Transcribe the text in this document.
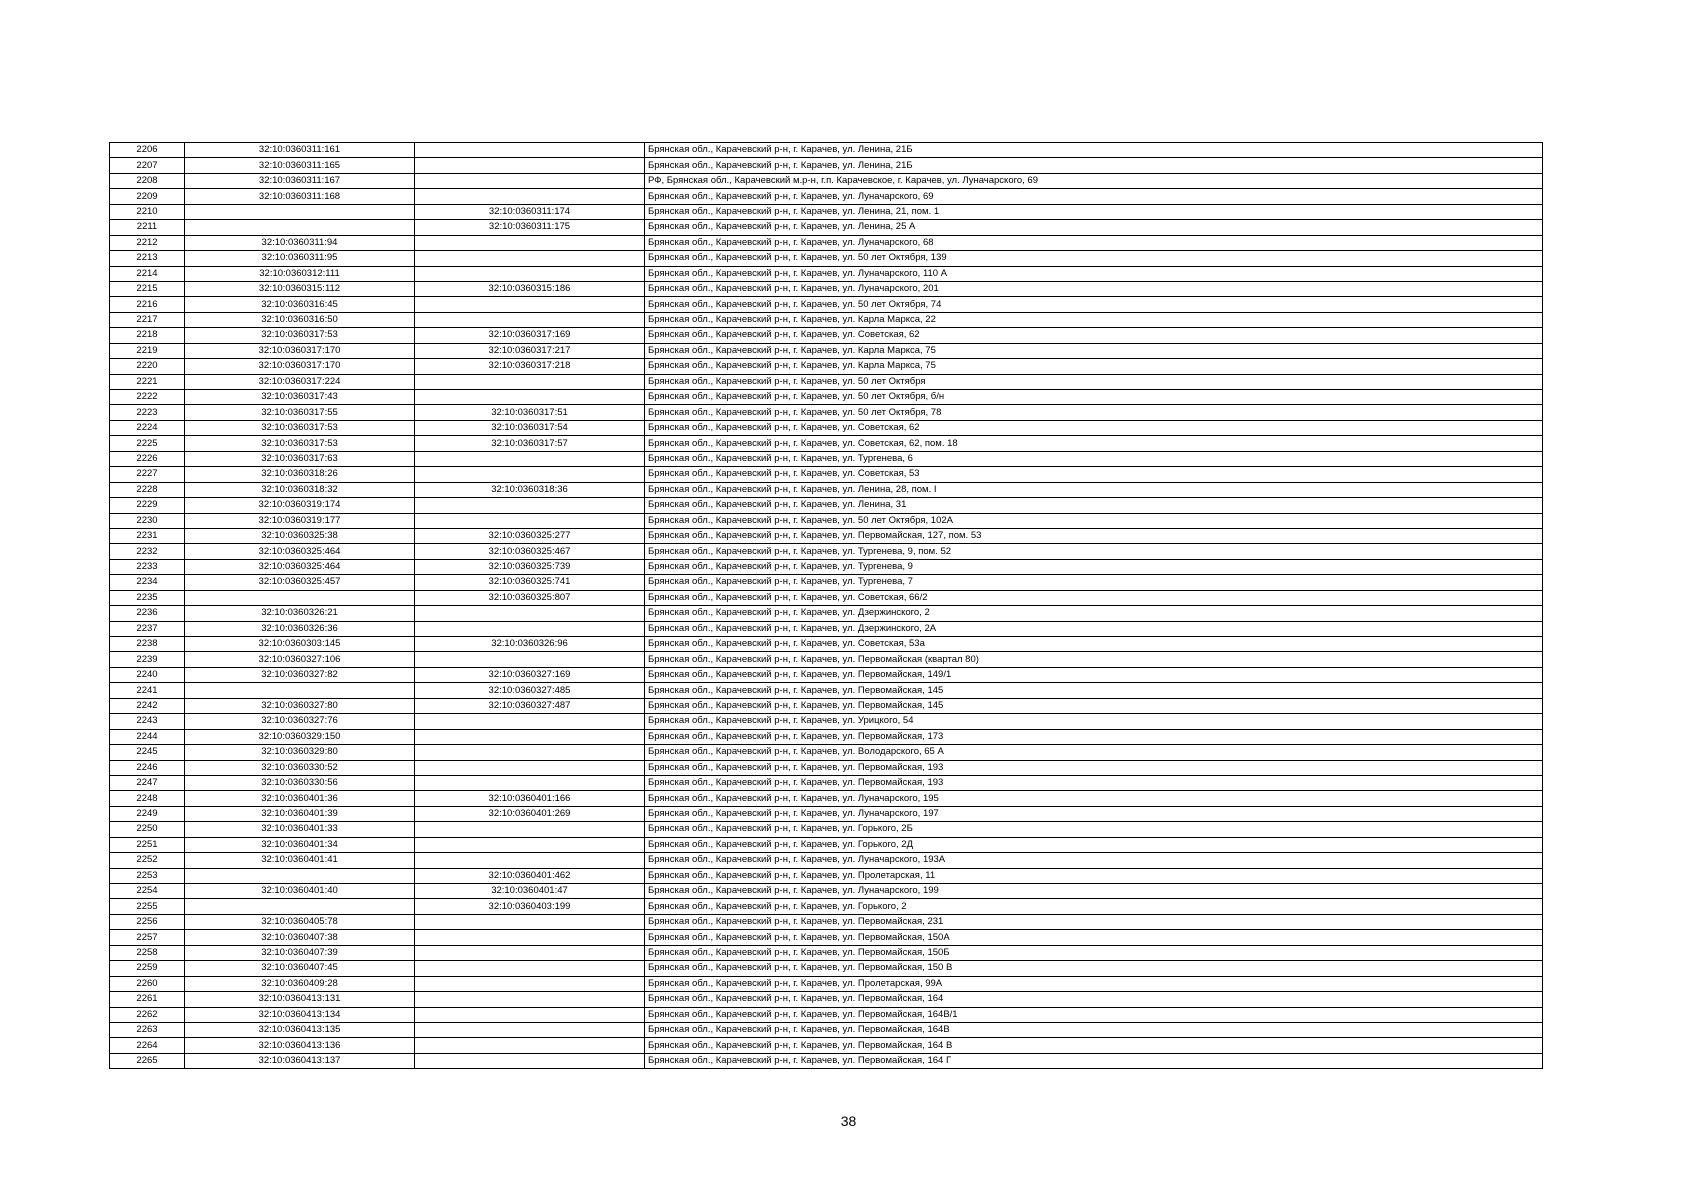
2206	32:10:0360311:161		Брянская обл., Карачевский р-н, г. Карачев, ул. Ленина, 21Б
2207	32:10:0360311:165		Брянская обл., Карачевский р-н, г. Карачев, ул. Ленина, 21Б
2208	32:10:0360311:167		РФ, Брянская обл., Карачевский м.р-н, г.п. Карачевское, г. Карачев, ул. Луначарского, 69
2209	32:10:0360311:168		Брянская обл., Карачевский р-н, г. Карачев, ул. Луначарского, 69
2210		32:10:0360311:174	Брянская обл., Карачевский р-н, г. Карачев, ул. Ленина, 21, пом. 1
2211		32:10:0360311:175	Брянская обл., Карачевский р-н, г. Карачев, ул. Ленина, 25 А
2212	32:10:0360311:94		Брянская обл., Карачевский р-н, г. Карачев, ул. Луначарского, 68
2213	32:10:0360311:95		Брянская обл., Карачевский р-н, г. Карачев, ул. 50 лет Октября, 139
2214	32:10:0360312:111		Брянская обл., Карачевский р-н, г. Карачев, ул. Луначарского, 110 А
2215	32:10:0360315:112	32:10:0360315:186	Брянская обл., Карачевский р-н, г. Карачев, ул. Луначарского, 201
2216	32:10:0360316:45		Брянская обл., Карачевский р-н, г. Карачев, ул. 50 лет Октября, 74
2217	32:10:0360316:50		Брянская обл., Карачевский р-н, г. Карачев, ул. Карла Маркса, 22
2218	32:10:0360317:53	32:10:0360317:169	Брянская обл., Карачевский р-н, г. Карачев, ул. Советская, 62
2219	32:10:0360317:170	32:10:0360317:217	Брянская обл., Карачевский р-н, г. Карачев, ул. Карла Маркса, 75
2220	32:10:0360317:170	32:10:0360317:218	Брянская обл., Карачевский р-н, г. Карачев, ул. Карла Маркса, 75
2221	32:10:0360317:224		Брянская обл., Карачевский р-н, г. Карачев, ул. 50 лет Октября
2222	32:10:0360317:43		Брянская обл., Карачевский р-н, г. Карачев, ул. 50 лет Октября, б/н
2223	32:10:0360317:55	32:10:0360317:51	Брянская обл., Карачевский р-н, г. Карачев, ул. 50 лет Октября, 78
2224	32:10:0360317:53	32:10:0360317:54	Брянская обл., Карачевский р-н, г. Карачев, ул. Советская, 62
2225	32:10:0360317:53	32:10:0360317:57	Брянская обл., Карачевский р-н, г. Карачев, ул. Советская, 62, пом. 18
2226	32:10:0360317:63		Брянская обл., Карачевский р-н, г. Карачев, ул. Тургенева, 6
2227	32:10:0360318:26		Брянская обл., Карачевский р-н, г. Карачев, ул. Советская, 53
2228	32:10:0360318:32	32:10:0360318:36	Брянская обл., Карачевский р-н, г. Карачев, ул. Ленина, 28, пом. I
2229	32:10:0360319:174		Брянская обл., Карачевский р-н, г. Карачев, ул. Ленина, 31
2230	32:10:0360319:177		Брянская обл., Карачевский р-н, г. Карачев, ул. 50 лет Октября, 102А
2231	32:10:0360325:38	32:10:0360325:277	Брянская обл., Карачевский р-н, г. Карачев, ул. Первомайская, 127, пом. 53
2232	32:10:0360325:464	32:10:0360325:467	Брянская обл., Карачевский р-н, г. Карачев, ул. Тургенева, 9, пом. 52
2233	32:10:0360325:464	32:10:0360325:739	Брянская обл., Карачевский р-н, г. Карачев, ул. Тургенева, 9
2234	32:10:0360325:457	32:10:0360325:741	Брянская обл., Карачевский р-н, г. Карачев, ул. Тургенева, 7
2235		32:10:0360325:807	Брянская обл., Карачевский р-н, г. Карачев, ул. Советская, 66/2
2236	32:10:0360326:21		Брянская обл., Карачевский р-н, г. Карачев, ул. Дзержинского, 2
2237	32:10:0360326:36		Брянская обл., Карачевский р-н, г. Карачев, ул. Дзержинского, 2А
2238	32:10:0360303:145	32:10:0360326:96	Брянская обл., Карачевский р-н, г. Карачев, ул. Советская, 53а
2239	32:10:0360327:106		Брянская обл., Карачевский р-н, г. Карачев, ул. Первомайская (квартал 80)
2240	32:10:0360327:82	32:10:0360327:169	Брянская обл., Карачевский р-н, г. Карачев, ул. Первомайская, 149/1
2241		32:10:0360327:485	Брянская обл., Карачевский р-н, г. Карачев, ул. Первомайская, 145
2242	32:10:0360327:80	32:10:0360327:487	Брянская обл., Карачевский р-н, г. Карачев, ул. Первомайская, 145
2243	32:10:0360327:76		Брянская обл., Карачевский р-н, г. Карачев, ул. Урицкого, 54
2244	32:10:0360329:150		Брянская обл., Карачевский р-н, г. Карачев, ул. Первомайская, 173
2245	32:10:0360329:80		Брянская обл., Карачевский р-н, г. Карачев, ул. Володарского, 65 А
2246	32:10:0360330:52		Брянская обл., Карачевский р-н, г. Карачев, ул. Первомайская, 193
2247	32:10:0360330:56		Брянская обл., Карачевский р-н, г. Карачев, ул. Первомайская, 193
2248	32:10:0360401:36	32:10:0360401:166	Брянская обл., Карачевский р-н, г. Карачев, ул. Луначарского, 195
2249	32:10:0360401:39	32:10:0360401:269	Брянская обл., Карачевский р-н, г. Карачев, ул. Луначарского, 197
2250	32:10:0360401:33		Брянская обл., Карачевский р-н, г. Карачев, ул. Горького, 2Б
2251	32:10:0360401:34		Брянская обл., Карачевский р-н, г. Карачев, ул. Горького, 2Д
2252	32:10:0360401:41		Брянская обл., Карачевский р-н, г. Карачев, ул. Луначарского, 193А
2253		32:10:0360401:462	Брянская обл., Карачевский р-н, г. Карачев, ул. Пролетарская, 11
2254	32:10:0360401:40	32:10:0360401:47	Брянская обл., Карачевский р-н, г. Карачев, ул. Луначарского, 199
2255		32:10:0360403:199	Брянская обл., Карачевский р-н, г. Карачев, ул. Горького, 2
2256	32:10:0360405:78		Брянская обл., Карачевский р-н, г. Карачев, ул. Первомайская, 231
2257	32:10:0360407:38		Брянская обл., Карачевский р-н, г. Карачев, ул. Первомайская, 150А
2258	32:10:0360407:39		Брянская обл., Карачевский р-н, г. Карачев, ул. Первомайская, 150Б
2259	32:10:0360407:45		Брянская обл., Карачевский р-н, г. Карачев, ул. Первомайская, 150 В
2260	32:10:0360409:28		Брянская обл., Карачевский р-н, г. Карачев, ул. Пролетарская, 99А
2261	32:10:0360413:131		Брянская обл., Карачевский р-н, г. Карачев, ул. Первомайская, 164
2262	32:10:0360413:134		Брянская обл., Карачевский р-н, г. Карачев, ул. Первомайская, 164В/1
2263	32:10:0360413:135		Брянская обл., Карачевский р-н, г. Карачев, ул. Первомайская, 164В
2264	32:10:0360413:136		Брянская обл., Карачевский р-н, г. Карачев, ул. Первомайская, 164 В
2265	32:10:0360413:137		Брянская обл., Карачевский р-н, г. Карачев, ул. Первомайская, 164 Г
38
